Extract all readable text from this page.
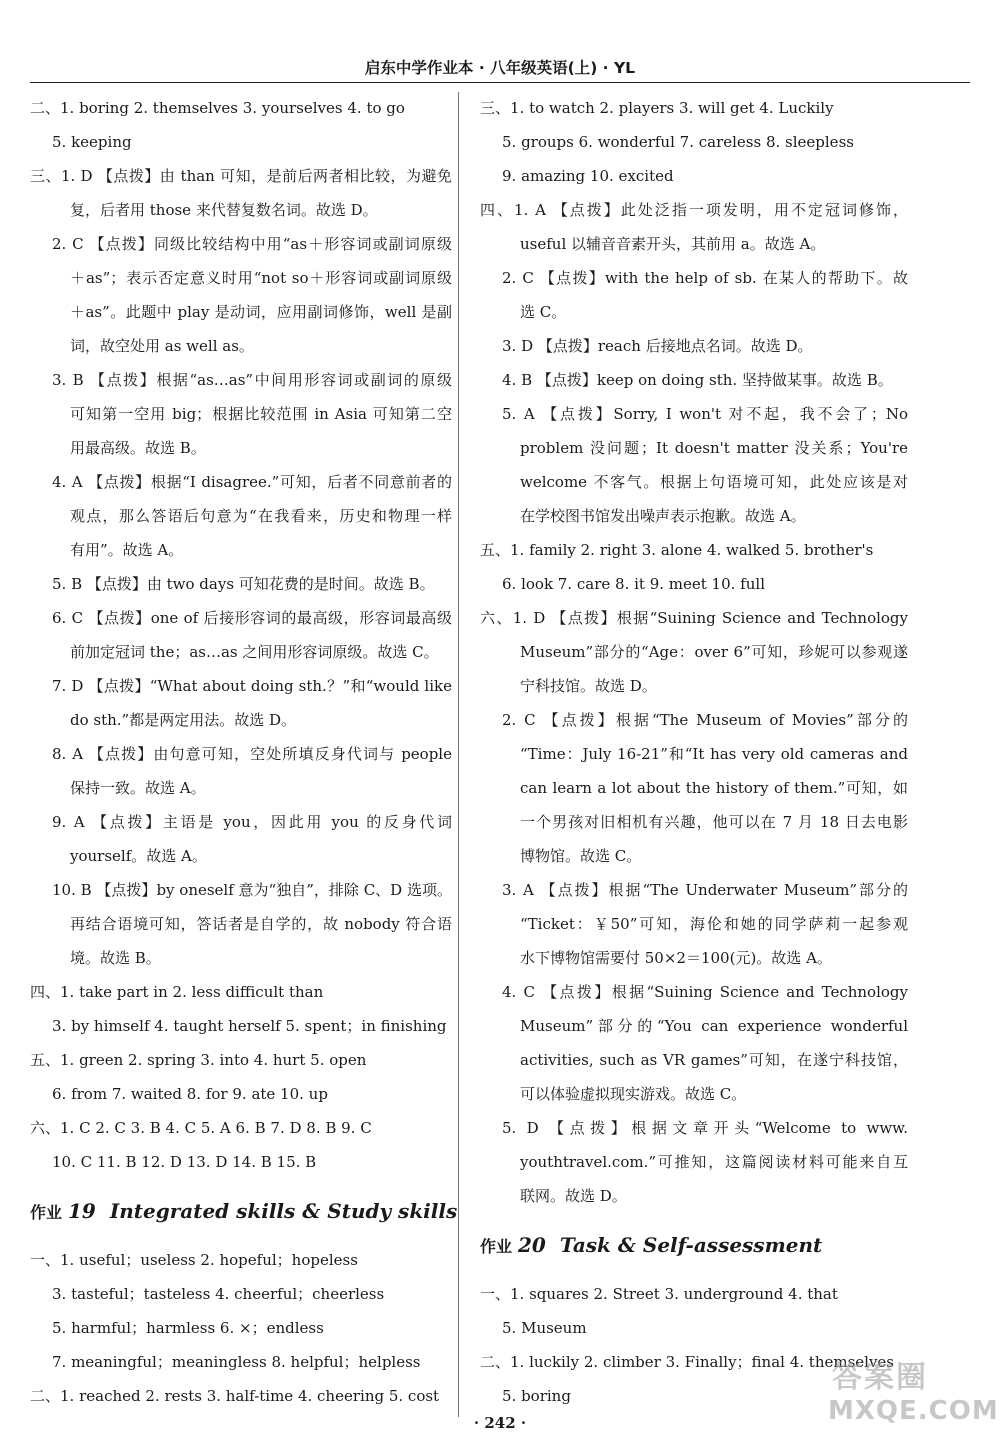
启东中学作业本 · 八年级英语(上) · YL
二、1. boring 2. themselves 3. yourselves 4. to go
5. keeping
三、1. D 【点拨】由 than 可知，是前后两者相比较，为避免
复，后者用 those 来代替复数名词。故选 D。
2. C 【点拨】同级比较结构中用“as＋形容词或副词原级
＋as”；表示否定意义时用“not so＋形容词或副词原级
＋as”。此题中 play 是动词，应用副词修饰，well 是副
词，故空处用 as well as。
3. B 【点拨】根据“as…as”中间用形容词或副词的原级
可知第一空用 big；根据比较范围 in Asia 可知第二空
用最高级。故选 B。
4. A 【点拨】根据“I disagree.”可知，后者不同意前者的
观点，那么答语后句意为“在我看来，历史和物理一样
有用”。故选 A。
5. B 【点拨】由 two days 可知花费的是时间。故选 B。
6. C 【点拨】one of 后接形容词的最高级，形容词最高级
前加定冠词 the；as…as 之间用形容词原级。故选 C。
7. D 【点拨】“What about doing sth.？”和“would like
do sth.”都是两定用法。故选 D。
8. A 【点拨】由句意可知，空处所填反身代词与 people
保持一致。故选 A。
9. A 【点拨】主语是 you，因此用 you 的反身代词
yourself。故选 A。
10. B 【点拨】by oneself 意为“独自”，排除 C、D 选项。
再结合语境可知，答话者是自学的，故 nobody 符合语
境。故选 B。
四、1. take part in 2. less difficult than
3. by himself 4. taught herself 5. spent；in finishing
五、1. green 2. spring 3. into 4. hurt 5. open
6. from 7. waited 8. for 9. ate 10. up
六、1. C 2. C 3. B 4. C 5. A 6. B 7. D 8. B 9. C
10. C 11. B 12. D 13. D 14. B 15. B
作业 19 Integrated skills & Study skills
一、1. useful；useless 2. hopeful；hopeless
3. tasteful；tasteless 4. cheerful；cheerless
5. harmful；harmless 6. ×；endless
7. meaningful；meaningless 8. helpful；helpless
二、1. reached 2. rests 3. half-time 4. cheering 5. cost
三、1. to watch 2. players 3. will get 4. Luckily
5. groups 6. wonderful 7. careless 8. sleepless
9. amazing 10. excited
四、1. A 【点拨】此处泛指一项发明，用不定冠词修饰，
useful 以辅音音素开头，其前用 a。故选 A。
2. C 【点拨】with the help of sb. 在某人的帮助下。故
选 C。
3. D 【点拨】reach 后接地点名词。故选 D。
4. B 【点拨】keep on doing sth. 坚持做某事。故选 B。
5. A 【点拨】Sorry, I won't 对不起，我不会了；No
problem 没问题；It doesn't matter 没关系；You're
welcome 不客气。根据上句语境可知，此处应该是对
在学校图书馆发出噪声表示抱歉。故选 A。
五、1. family 2. right 3. alone 4. walked 5. brother's
6. look 7. care 8. it 9. meet 10. full
六、1. D 【点拨】根据“Suining Science and Technology
Museum”部分的“Age：over 6”可知，珍妮可以参观遂
宁科技馆。故选 D。
2. C 【点拨】根据“The Museum of Movies”部分的
“Time：July 16-21”和“It has very old cameras and
can learn a lot about the history of them.”可知，如
一个男孩对旧相机有兴趣，他可以在 7 月 18 日去电影
博物馆。故选 C。
3. A 【点拨】根据“The Underwater Museum”部分的
“Ticket：￥50”可知，海伦和她的同学萨莉一起参观
水下博物馆需要付 50×2＝100(元)。故选 A。
4. C 【点拨】根据“Suining Science and Technology
Museum”部分的“You can experience wonderful
activities, such as VR games”可知，在遂宁科技馆，
可以体验虚拟现实游戏。故选 C。
5. D 【点拨】根据文章开头“Welcome to www.
youthtravel.com.”可推知，这篇阅读材料可能来自互
联网。故选 D。
作业 20 Task & Self-assessment
一、1. squares 2. Street 3. underground 4. that
5. Museum
二、1. luckily 2. climber 3. Finally；final 4. themselves
5. boring
· 242 ·
答案圈
MXQE.COM
